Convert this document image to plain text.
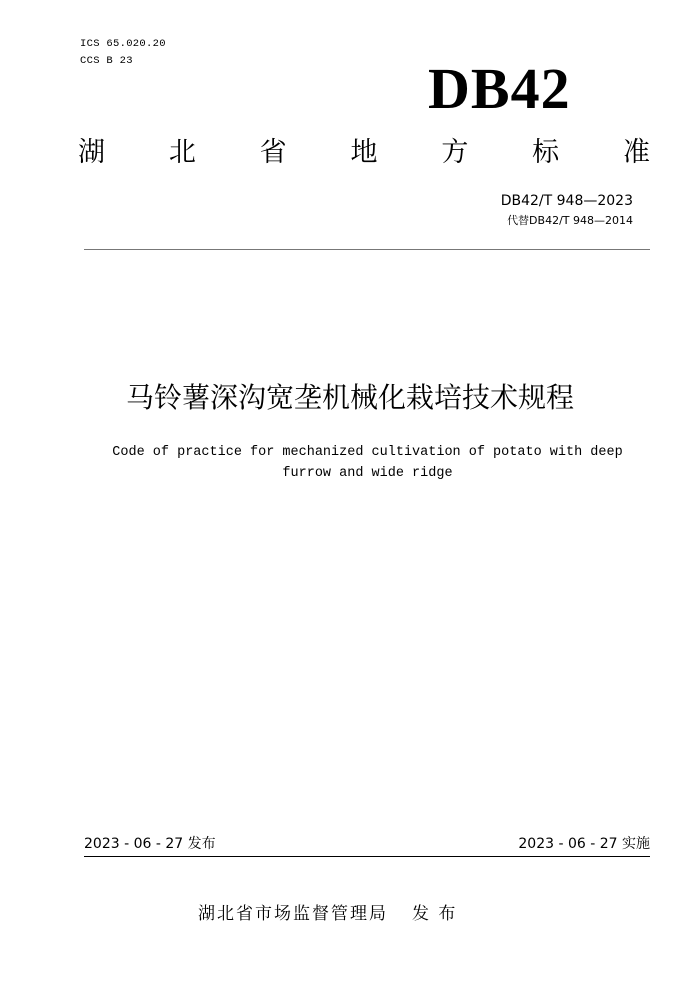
ICS 65.020.20
CCS B 23	DB42
湖 北 省 地 方 标 准
DB42/T 948—2023
代替DB42/T 948—2014
马铃薯深沟宽垄机械化栽培技术规程
Code of practice for mechanized cultivation of potato with deep furrow and wide ridge
2023 - 06 - 27 发布	2023 - 06 - 27 实施
湖北省市场监督管理局 发 布
